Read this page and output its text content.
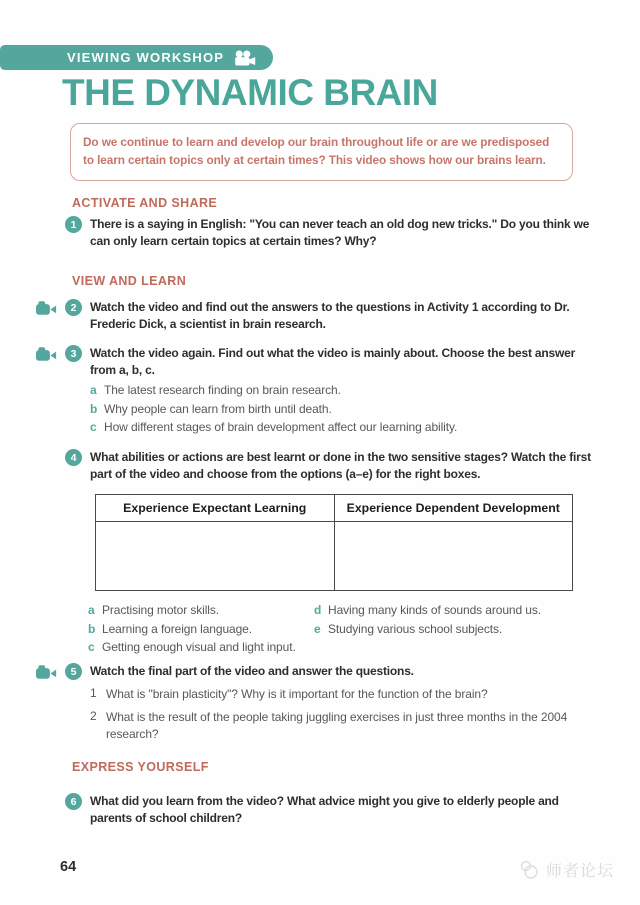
VIEWING WORKSHOP
THE DYNAMIC BRAIN

Do we continue to learn and develop our brain throughout life or are we predisposed to learn certain topics only at certain times? This video shows how our brains learn.

ACTIVATE AND SHARE
1	There is a saying in English: "You can never teach an old dog new tricks." Do you think we can only learn certain topics at certain times? Why?
VIEW AND LEARN
2	Watch the video and find out the answers to the questions in Activity 1 according to Dr. Frederic Dick, a scientist in brain research.
3	Watch the video again. Find out what the video is mainly about. Choose the best answer from a, b, c.
a The latest research finding on brain research.
b Why people can learn from birth until death.
c How different stages of brain development affect our learning ability.
4	What abilities or actions are best learnt or done in the two sensitive stages? Watch the first part of the video and choose from the options (a–e) for the right boxes.
Experience Expectant Learning	Experience Dependent Development

a Practising motor skills.
b Learning a foreign language.
c Getting enough visual and light input.
d Having many kinds of sounds around us.
e Studying various school subjects.
5	Watch the final part of the video and answer the questions.
1 What is "brain plasticity"? Why is it important for the function of the brain?
2 What is the result of the people taking juggling exercises in just three months in the 2004 research?
EXPRESS YOURSELF
6	What did you learn from the video? What advice might you give to elderly people and parents of school children?
64	师者论坛
